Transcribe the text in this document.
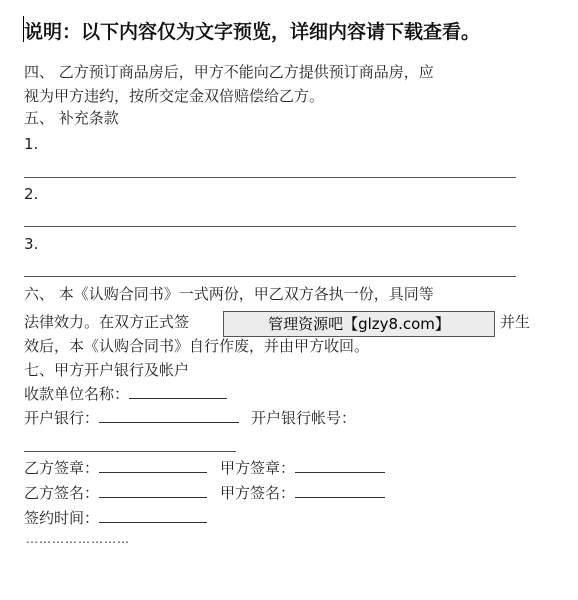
说明：以下内容仅为文字预览，详细内容请下载查看。
四、 乙方预订商品房后，甲方不能向乙方提供预订商品房，应
视为甲方违约，按所交定金双倍赔偿给乙方。
五、 补充条款
1.
2.
3.
六、 本《认购合同书》一式两份，甲乙双方各执一份，具同等
法律效力。在双方正式签	并生
效后，本《认购合同书》自行作废，并由甲方收回。
管理资源吧【glzy8.com】
七、甲方开户银行及帐户
收款单位名称：
开户银行：	开户银行帐号：
乙方签章：	甲方签章：
乙方签名：	甲方签名：
签约时间：
……………………
